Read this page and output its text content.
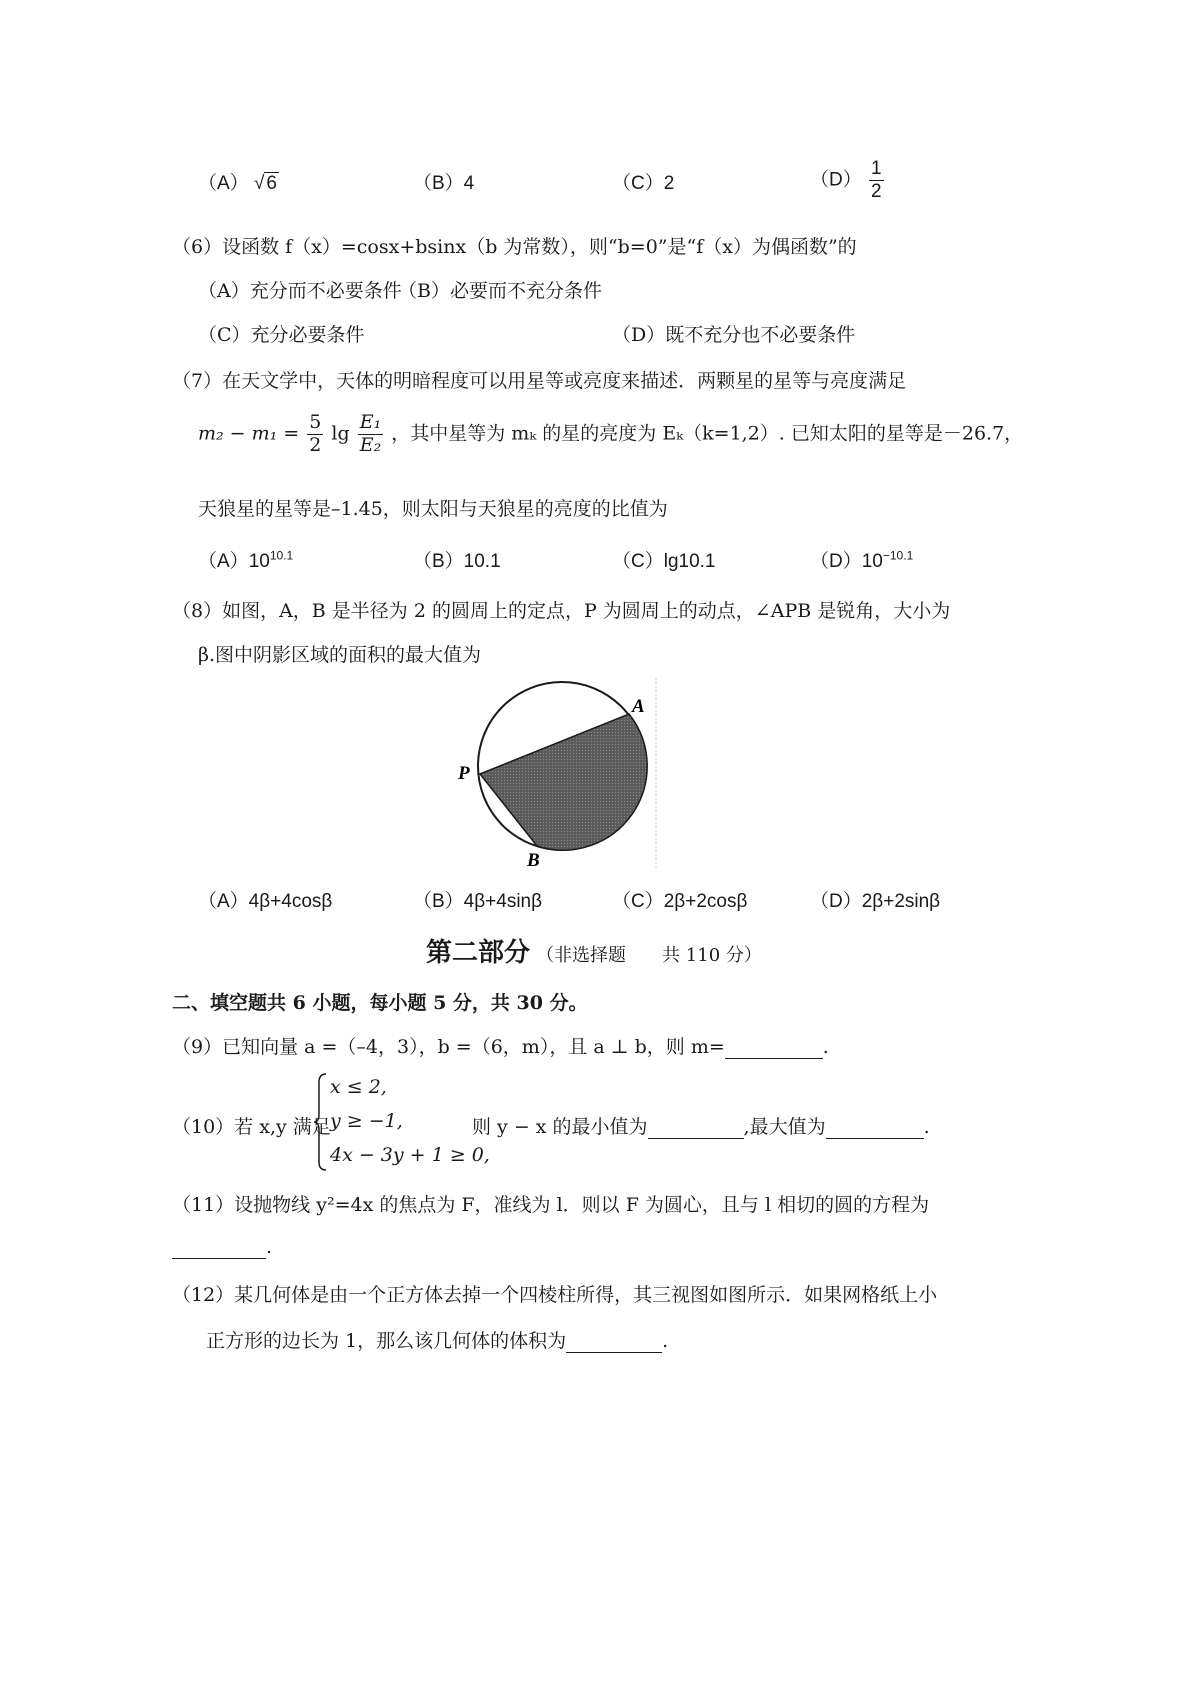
（A） √ 6	（B）4	（C）2	$(D) \frac{1}{2}$
（6）设函数 f（x）=cosx+bsinx（b 为常数），则“b=0”是“f（x）为偶函数”的
（A）充分而不必要条件
（B）必要而不充分条件
（C）充分必要条件	（D）既不充分也不必要条件
（7）在天文学中，天体的明暗程度可以用星等或亮度来描述．两颗星的星等与亮度满足
$m_2 - m_1 = \frac{5}{2}$ $\lg \frac{\text{E₁}}{\text{E₂}}$ ，其中星等为 mₖ 的星的亮度为 Eₖ（k=1,2）. 已知太阳的星等是－26.7，
天狼星的星等是–1.45，则太阳与天狼星的亮度的比值为
$(A)10^{10.1}$	（B）10.1	（C）lg10.1	$(D)10^{-10.1}$
（8）如图，A，B 是半径为 2 的圆周上的定点，P 为圆周上的动点，∠APB 是锐角，大小为
β.图中阴影区域的面积的最大值为
A
P
B
（A）4β+4cosβ	（B）4β+4sinβ	（C）2β+2cosβ	（D）2β+2sinβ
第二部分 （非选择题　　共 110 分）
二、填空题共 6 小题，每小题 5 分，共 30 分。
（9）已知向量 a =（–4，3），b =（6，m），且 a ⊥ b，则 m=	.
（10）若 x,y 满足
x ≤ 2,
y ≥ −1,
4x − 3y + 1 ≥ 0,
则 y − x 的最小值为	,最大值为	.
（11）设抛物线 y²=4x 的焦点为 F，准线为 l．则以 F 为圆心，且与 l 相切的圆的方程为
.
（12）某几何体是由一个正方体去掉一个四棱柱所得，其三视图如图所示．如果网格纸上小
正方形的边长为 1，那么该几何体的体积为	.
